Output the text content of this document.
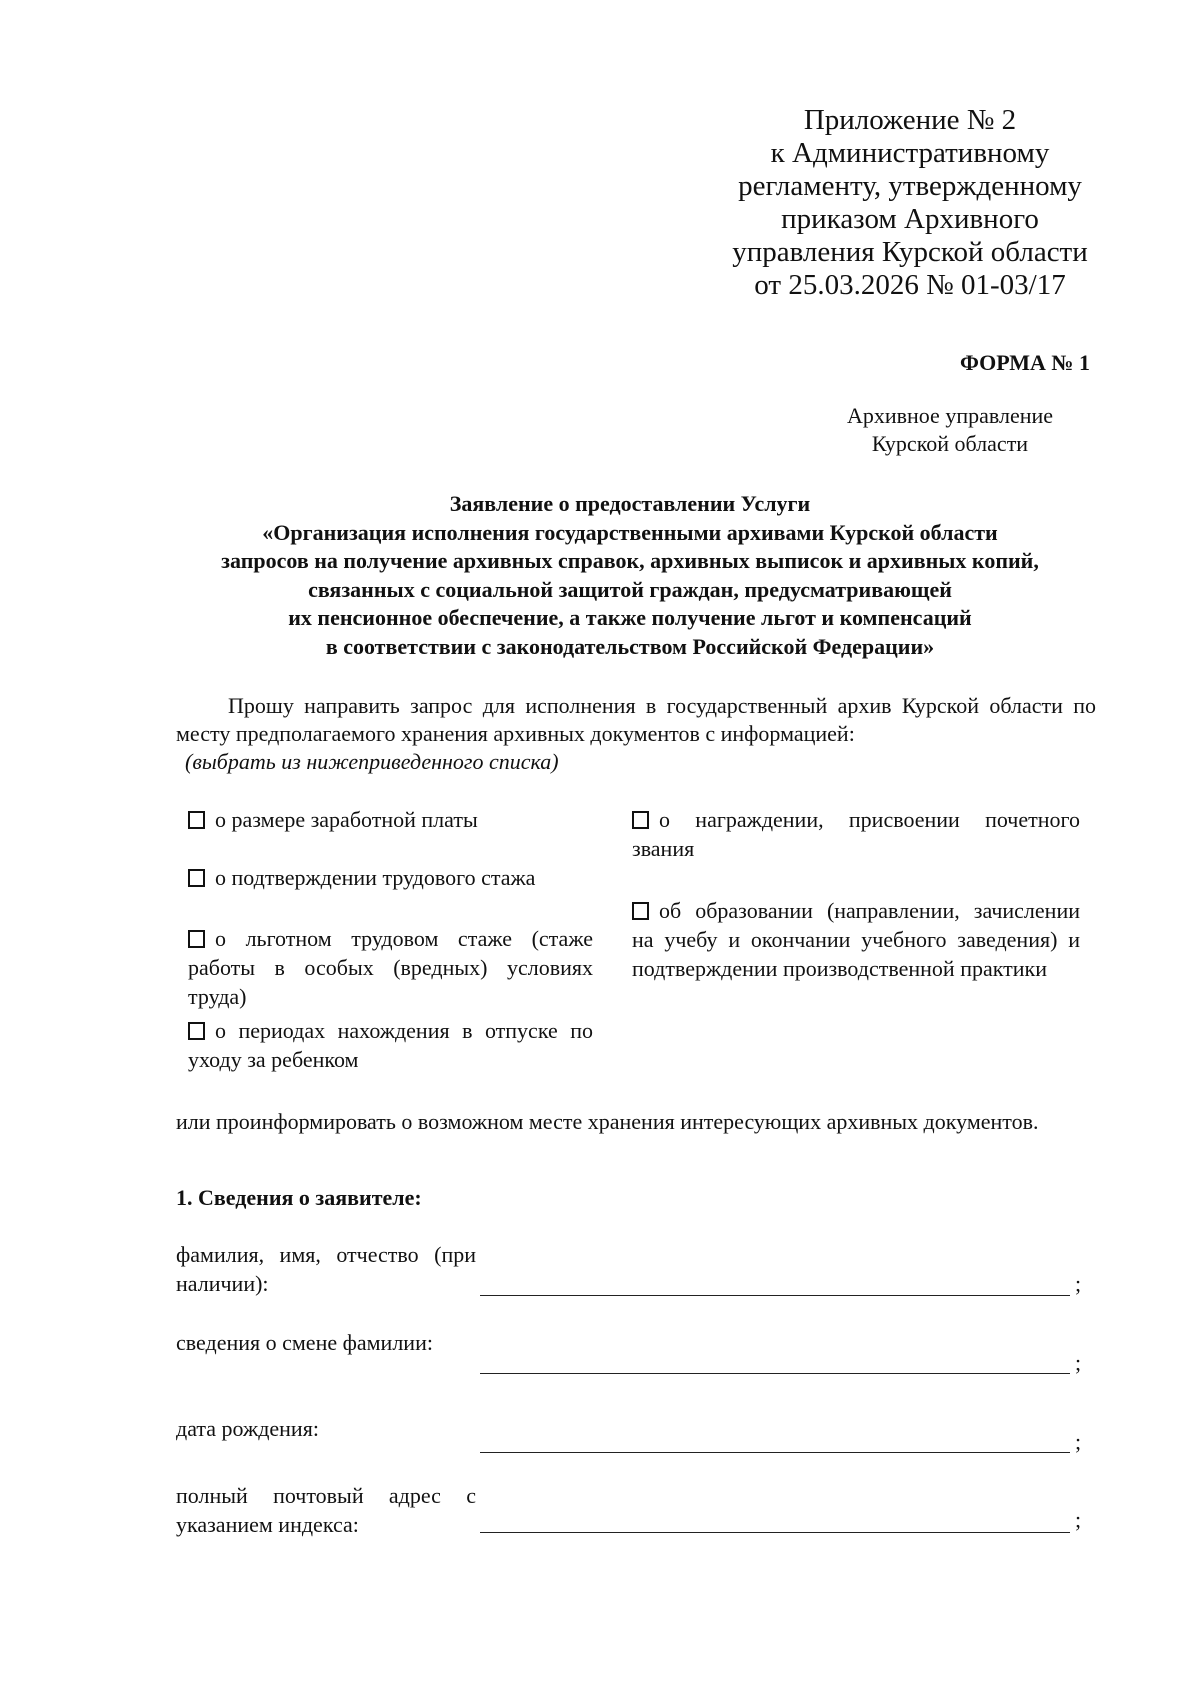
Приложение № 2
к Административному
регламенту, утвержденному
приказом Архивного
управления Курской области
от 25.03.2026 № 01-03/17
ФОРМА № 1
Архивное управление
Курской области
Заявление о предоставлении Услуги
«Организация исполнения государственными архивами Курской области
запросов на получение архивных справок, архивных выписок и архивных копий,
связанных с социальной защитой граждан, предусматривающей
их пенсионное обеспечение, а также получение льгот и компенсаций
в соответствии с законодательством Российской Федерации»
Прошу направить запрос для исполнения в государственный архив Курской области по месту предполагаемого хранения архивных документов с информацией:
(выбрать из нижеприведенного списка)
о размере заработной платы
о подтверждении трудового стажа
о льготном трудовом стаже (стаже работы в особых (вредных) условиях труда)
о периодах нахождения в отпуске по уходу за ребенком
о награждении, присвоении почетного звания
об образовании (направлении, зачислении на учебу и окончании учебного заведения) и подтверждении производственной практики
или проинформировать о возможном месте хранения интересующих архивных документов.
1. Сведения о заявителе:
фамилия, имя, отчество (при наличии):	;
сведения о смене фамилии:
;
дата рождения:
;
полный почтовый адрес с указанием индекса:	;
